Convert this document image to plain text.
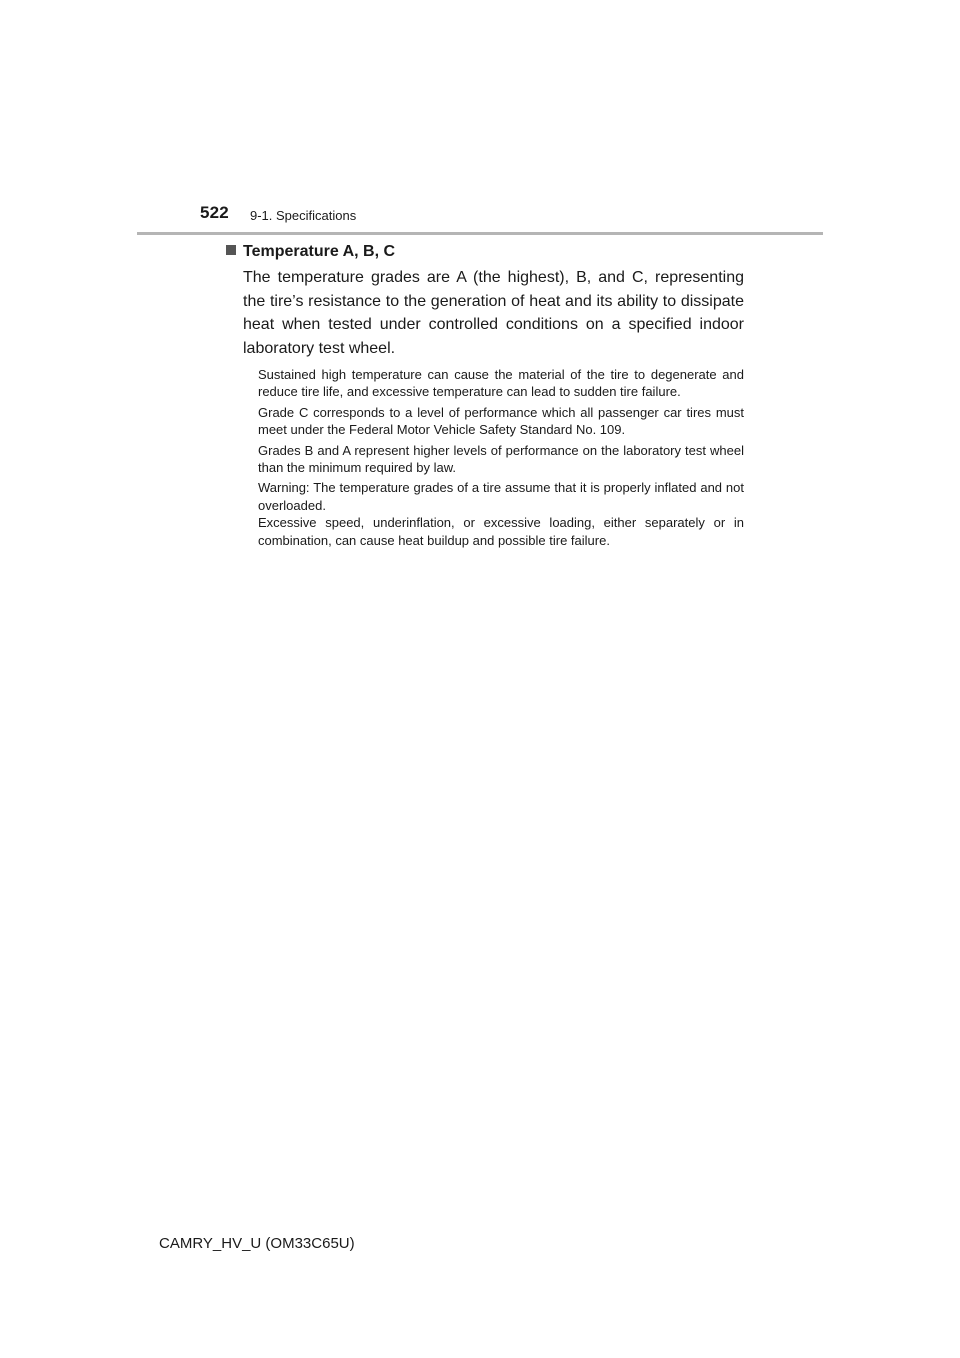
522 9-1. Specifications
Temperature A, B, C
The temperature grades are A (the highest), B, and C, representing the tire’s resistance to the generation of heat and its ability to dissipate heat when tested under controlled conditions on a specified indoor laboratory test wheel.

Sustained high temperature can cause the material of the tire to degenerate and reduce tire life, and excessive temperature can lead to sudden tire failure.

Grade C corresponds to a level of performance which all passenger car tires must meet under the Federal Motor Vehicle Safety Standard No. 109.

Grades B and A represent higher levels of performance on the laboratory test wheel than the minimum required by law.

Warning: The temperature grades of a tire assume that it is properly inflated and not overloaded.
Excessive speed, underinflation, or excessive loading, either separately or in combination, can cause heat buildup and possible tire failure.

CAMRY_HV_U (OM33C65U)
